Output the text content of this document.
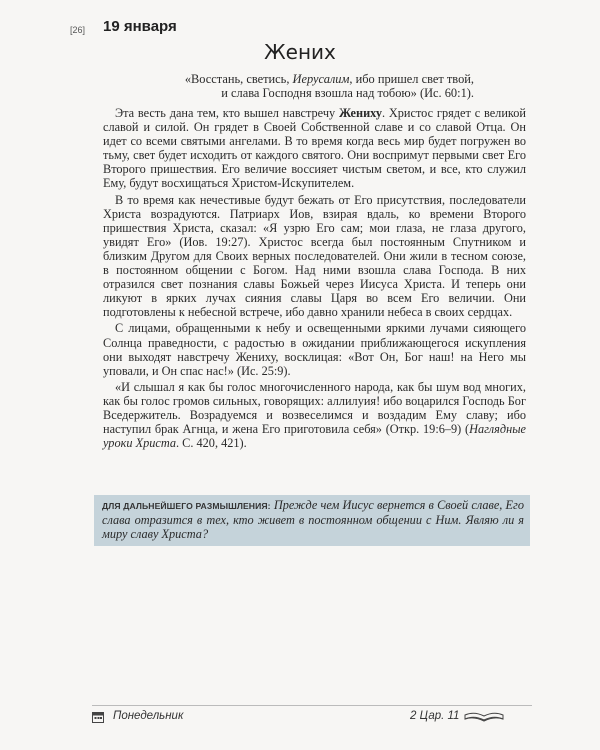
[26] 19 января
Жених
«Восстань, светись, Иерусалим, ибо пришел свет твой,
и слава Господня взошла над тобою» (Ис. 60:1).

Эта весть дана тем, кто вышел навстречу Жениху. Христос грядет с великой славой и силой. Он грядет в Своей Собственной славе и со славой Отца. Он идет со всеми святыми ангелами. В то время когда весь мир будет погружен во тьму, свет будет исходить от каждого святого. Они воспримут первыми свет Его Второго пришествия. Его величие воссияет чистым светом, и все, кто служил Ему, будут восхищаться Христом-Искупителем.

В то время как нечестивые будут бежать от Его присутствия, последователи Христа возрадуются. Патриарх Иов, взирая вдаль, ко времени Второго пришествия Христа, сказал: «Я узрю Его сам; мои глаза, не глаза другого, увидят Его» (Иов. 19:27). Христос всегда был постоянным Спутником и близким Другом для Своих верных последователей. Они жили в тесном союзе, в постоянном общении с Богом. Над ними взошла слава Господа. В них отразился свет познания славы Божьей через Иисуса Христа. И теперь они ликуют в ярких лучах сияния славы Царя во всем Его величии. Они подготовлены к небесной встрече, ибо давно хранили небеса в своих сердцах.

С лицами, обращенными к небу и освещенными яркими лучами сияющего Солнца праведности, с радостью в ожидании приближающегося искупления они выходят навстречу Жениху, восклицая: «Вот Он, Бог наш! на Него мы уповали, и Он спас нас!» (Ис. 25:9).

«И слышал я как бы голос многочисленного народа, как бы шум вод многих, как бы голос громов сильных, говорящих: аллилуия! ибо воцарился Господь Бог Вседержитель. Возрадуемся и возвеселимся и воздадим Ему славу; ибо наступил брак Агнца, и жена Его приготовила себя» (Откр. 19:6–9) (Наглядные уроки Христа. С. 420, 421).

ДЛЯ ДАЛЬНЕЙШЕГО РАЗМЫШЛЕНИЯ: Прежде чем Иисус вернется в Своей славе, Его слава отразится в тех, кто живет в постоянном общении с Ним. Являю ли я миру славу Христа?
Понедельник	2 Цар. 11
